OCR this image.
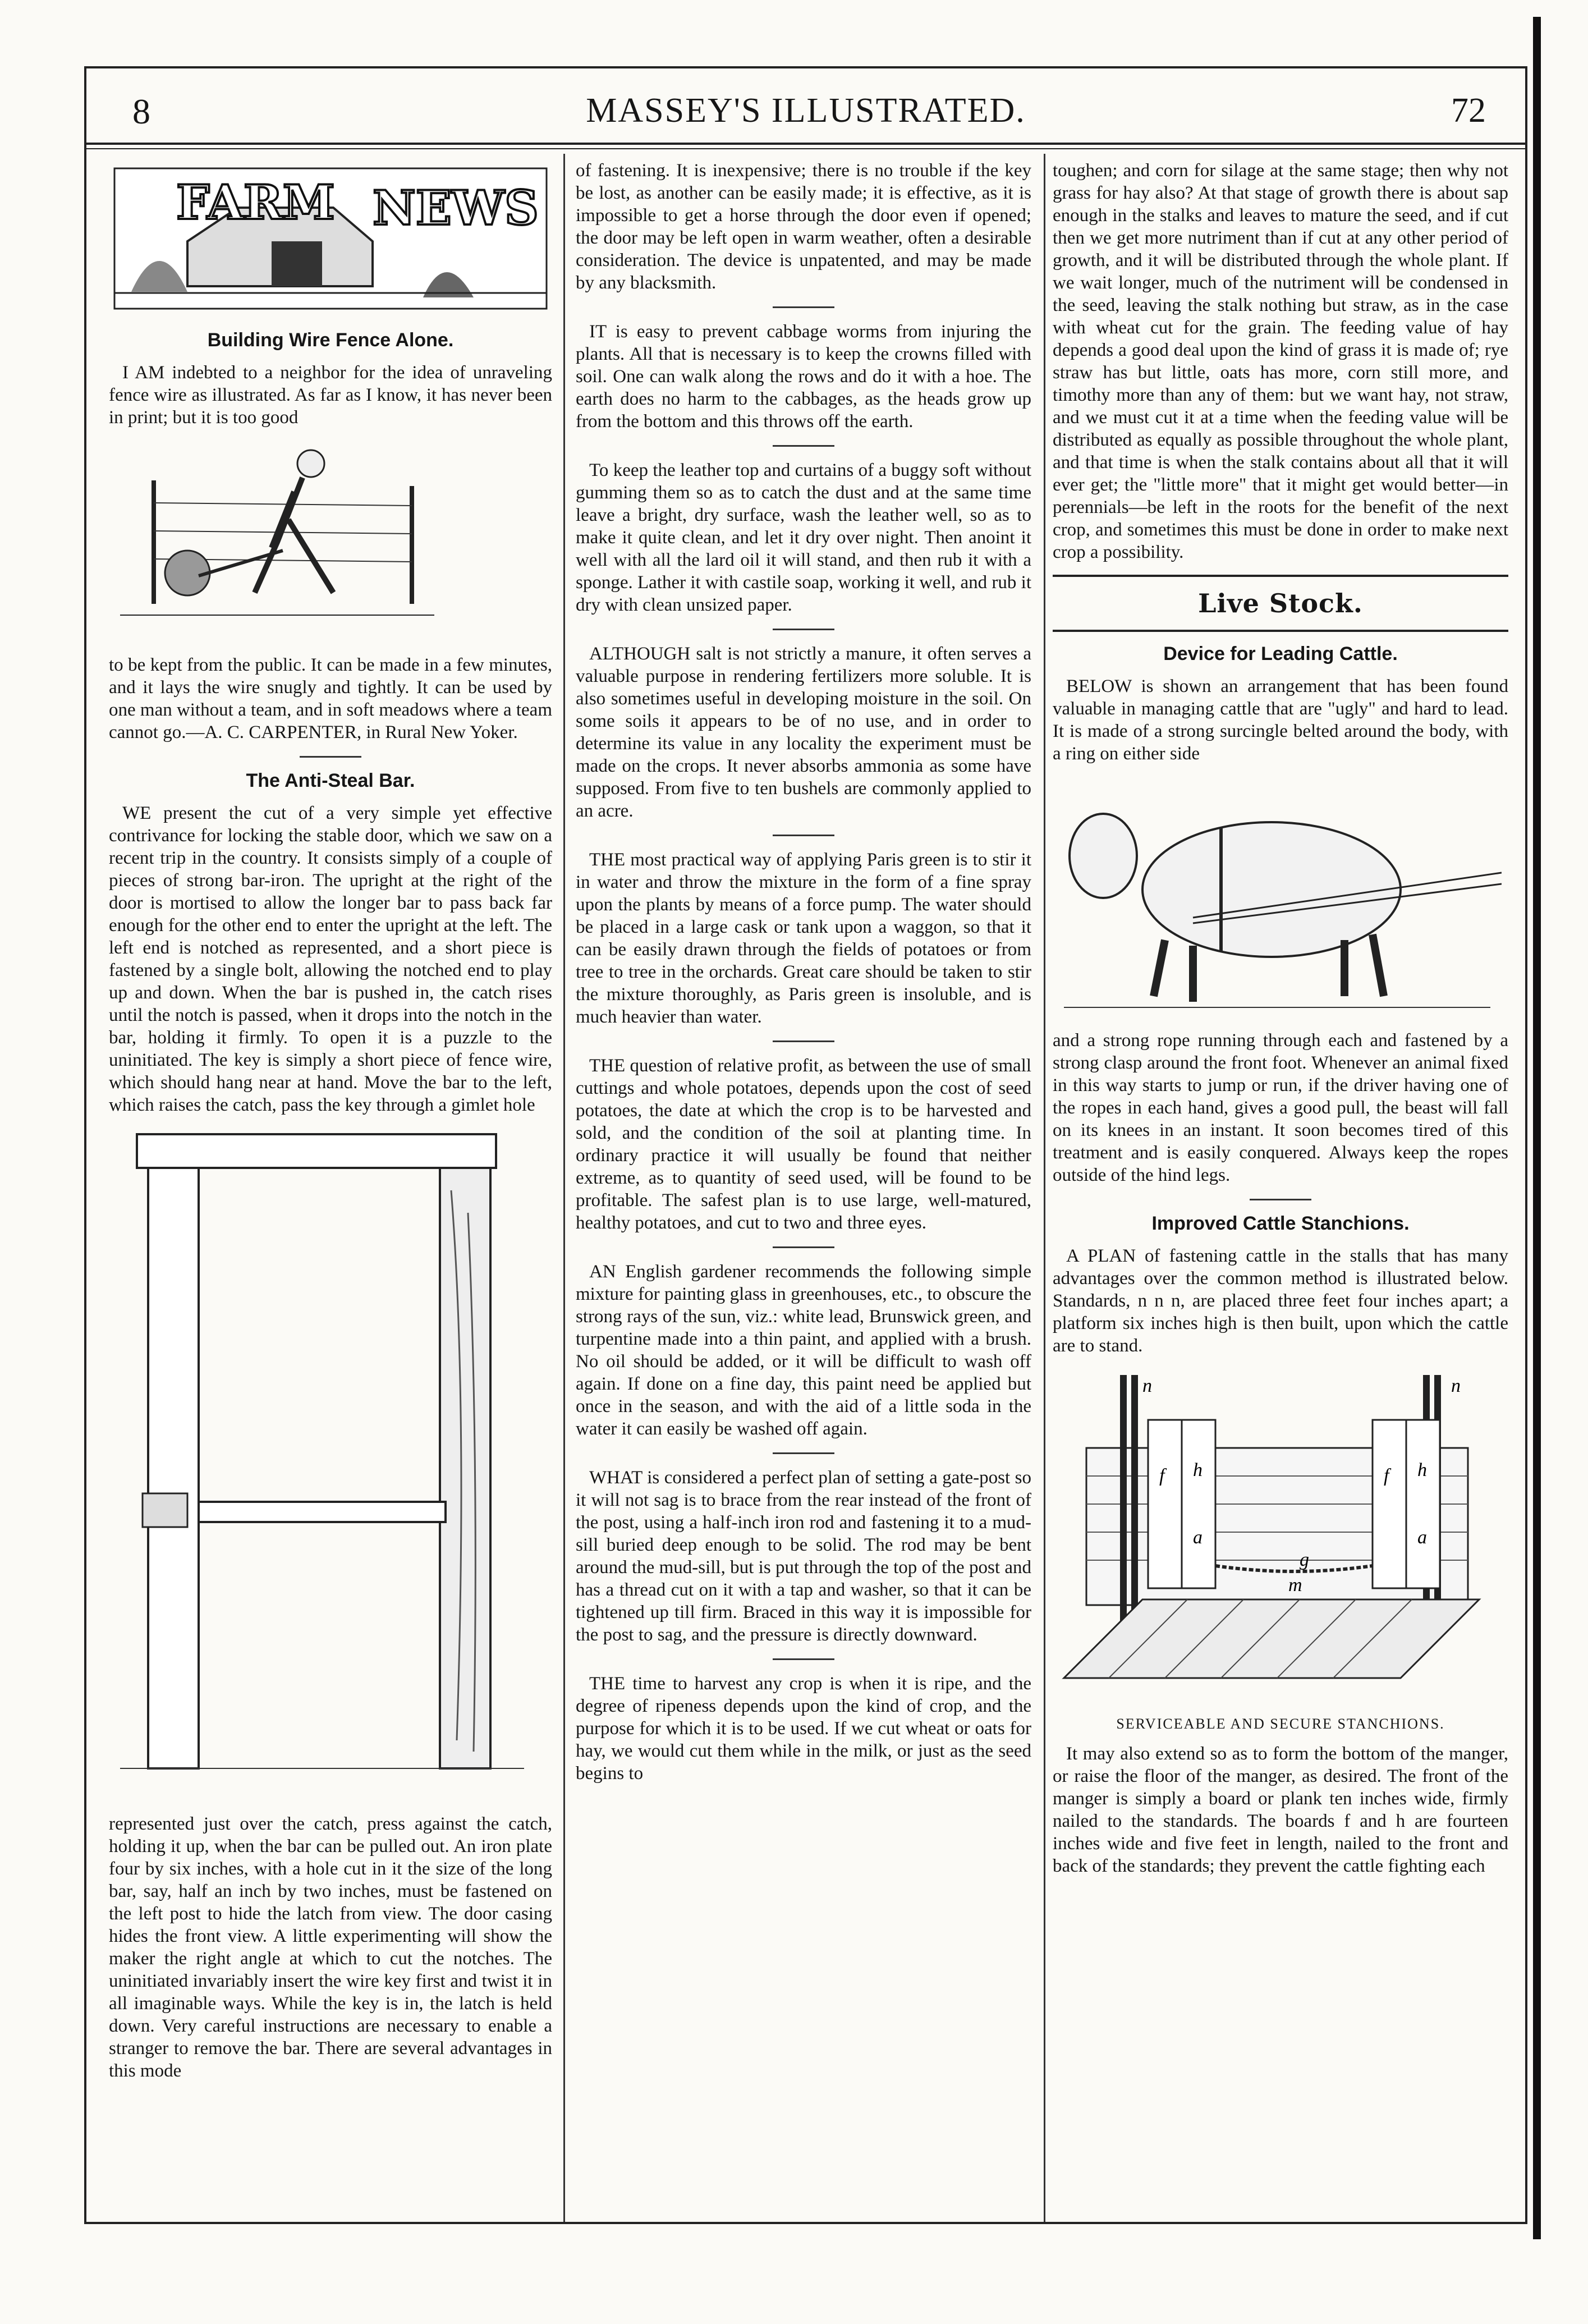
8	MASSEY'S ILLUSTRATED.	72
FARM NEWS
Building Wire Fence Alone.

I AM indebted to a neighbor for the idea of unraveling fence wire as illustrated. As far as I know, it has never been in print; but it is too good

to be kept from the public. It can be made in a few minutes, and it lays the wire snugly and tightly. It can be used by one man without a team, and in soft meadows where a team cannot go.—A. C. CARPENTER, in Rural New Yoker.

The Anti-Steal Bar.

WE present the cut of a very simple yet effective contrivance for locking the stable door, which we saw on a recent trip in the country. It consists simply of a couple of pieces of strong bar-iron. The upright at the right of the door is mortised to allow the longer bar to pass back far enough for the other end to enter the upright at the left. The left end is notched as represented, and a short piece is fastened by a single bolt, allowing the notched end to play up and down. When the bar is pushed in, the catch rises until the notch is passed, when it drops into the notch in the bar, holding it firmly. To open it is a puzzle to the uninitiated. The key is simply a short piece of fence wire, which should hang near at hand. Move the bar to the left, which raises the catch, pass the key through a gimlet hole

represented just over the catch, press against the catch, holding it up, when the bar can be pulled out. An iron plate four by six inches, with a hole cut in it the size of the long bar, say, half an inch by two inches, must be fastened on the left post to hide the latch from view. The door casing hides the front view. A little experimenting will show the maker the right angle at which to cut the notches. The uninitiated invariably insert the wire key first and twist it in all imaginable ways. While the key is in, the latch is held down. Very careful instructions are necessary to enable a stranger to remove the bar. There are several advantages in this mode

of fastening. It is inexpensive; there is no trouble if the key be lost, as another can be easily made; it is effective, as it is impossible to get a horse through the door even if opened; the door may be left open in warm weather, often a desirable consideration. The device is unpatented, and may be made by any blacksmith.

IT is easy to prevent cabbage worms from injuring the plants. All that is necessary is to keep the crowns filled with soil. One can walk along the rows and do it with a hoe. The earth does no harm to the cabbages, as the heads grow up from the bottom and this throws off the earth.

To keep the leather top and curtains of a buggy soft without gumming them so as to catch the dust and at the same time leave a bright, dry surface, wash the leather well, so as to make it quite clean, and let it dry over night. Then anoint it well with all the lard oil it will stand, and then rub it with a sponge. Lather it with castile soap, working it well, and rub it dry with clean unsized paper.

ALTHOUGH salt is not strictly a manure, it often serves a valuable purpose in rendering fertilizers more soluble. It is also sometimes useful in developing moisture in the soil. On some soils it appears to be of no use, and in order to determine its value in any locality the experiment must be made on the crops. It never absorbs ammonia as some have supposed. From five to ten bushels are commonly applied to an acre.

THE most practical way of applying Paris green is to stir it in water and throw the mixture in the form of a fine spray upon the plants by means of a force pump. The water should be placed in a large cask or tank upon a waggon, so that it can be easily drawn through the fields of potatoes or from tree to tree in the orchards. Great care should be taken to stir the mixture thoroughly, as Paris green is insoluble, and is much heavier than water.

THE question of relative profit, as between the use of small cuttings and whole potatoes, depends upon the cost of seed potatoes, the date at which the crop is to be harvested and sold, and the condition of the soil at planting time. In ordinary practice it will usually be found that neither extreme, as to quantity of seed used, will be found to be profitable. The safest plan is to use large, well-matured, healthy potatoes, and cut to two and three eyes.

AN English gardener recommends the following simple mixture for painting glass in greenhouses, etc., to obscure the strong rays of the sun, viz.: white lead, Brunswick green, and turpentine made into a thin paint, and applied with a brush. No oil should be added, or it will be difficult to wash off again. If done on a fine day, this paint need be applied but once in the season, and with the aid of a little soda in the water it can easily be washed off again.

WHAT is considered a perfect plan of setting a gate-post so it will not sag is to brace from the rear instead of the front of the post, using a half-inch iron rod and fastening it to a mud-sill buried deep enough to be solid. The rod may be bent around the mud-sill, but is put through the top of the post and has a thread cut on it with a tap and washer, so that it can be tightened up till firm. Braced in this way it is impossible for the post to sag, and the pressure is directly downward.

THE time to harvest any crop is when it is ripe, and the degree of ripeness depends upon the kind of crop, and the purpose for which it is to be used. If we cut wheat or oats for hay, we would cut them while in the milk, or just as the seed begins to

toughen; and corn for silage at the same stage; then why not grass for hay also? At that stage of growth there is about sap enough in the stalks and leaves to mature the seed, and if cut then we get more nutriment than if cut at any other period of growth, and it will be distributed through the whole plant. If we wait longer, much of the nutriment will be condensed in the seed, leaving the stalk nothing but straw, as in the case with wheat cut for the grain. The feeding value of hay depends a good deal upon the kind of grass it is made of; rye straw has but little, oats has more, corn still more, and timothy more than any of them: but we want hay, not straw, and we must cut it at a time when the feeding value will be distributed as equally as possible throughout the whole plant, and that time is when the stalk contains about all that it will ever get; the "little more" that it might get would better—in perennials—be left in the roots for the benefit of the next crop, and sometimes this must be done in order to make next crop a possibility.

Live Stock.
Device for Leading Cattle.

BELOW is shown an arrangement that has been found valuable in managing cattle that are "ugly" and hard to lead. It is made of a strong surcingle belted around the body, with a ring on either side

and a strong rope running through each and fastened by a strong clasp around the front foot. Whenever an animal fixed in this way starts to jump or run, if the driver having one of the ropes in each hand, gives a good pull, the beast will fall on its knees in an instant. It soon becomes tired of this treatment and is easily conquered. Always keep the ropes outside of the hind legs.

Improved Cattle Stanchions.

A PLAN of fastening cattle in the stalls that has many advantages over the common method is illustrated below. Standards, n n n, are placed three feet four inches apart; a platform six inches high is then built, upon which the cattle are to stand.

n	n
f h	f h
a	a
g
m
SERVICEABLE AND SECURE STANCHIONS.

It may also extend so as to form the bottom of the manger, or raise the floor of the manger, as desired. The front of the manger is simply a board or plank ten inches wide, firmly nailed to the standards. The boards f and h are fourteen inches wide and five feet in length, nailed to the front and back of the standards; they prevent the cattle fighting each
